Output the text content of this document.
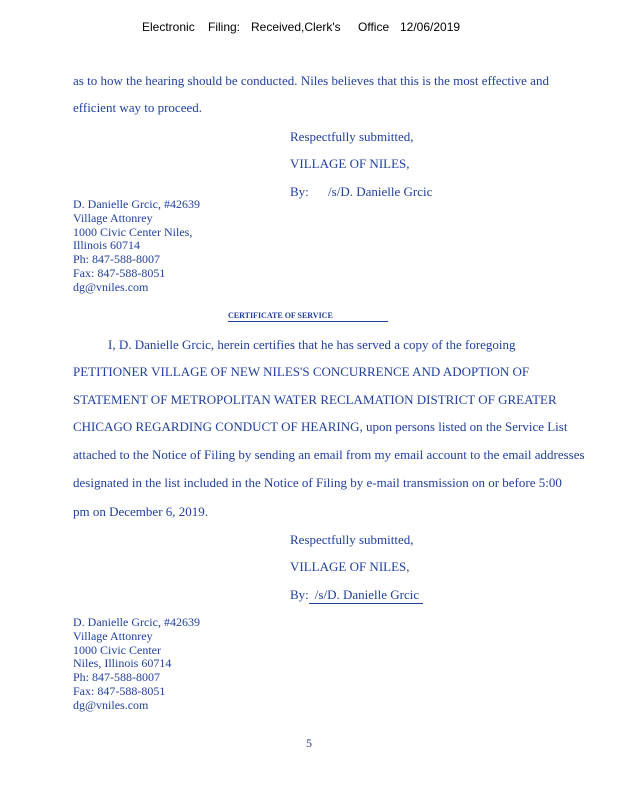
Electronic Filing: Received,Clerk's Office 12/06/2019
as to how the hearing should be conducted. Niles believes that this is the most effective and
efficient way to proceed.
Respectfully submitted,
VILLAGE OF NILES,
By: /s/D. Danielle Grcic
D. Danielle Grcic, #42639
Village Attonrey
1000 Civic Center Niles,
Illinois 60714
Ph: 847-588-8007
Fax: 847-588-8051
dg@vniles.com
CERTIFICATE OF SERVICE
I, D. Danielle Grcic, herein certifies that he has served a copy of the foregoing
PETITIONER VILLAGE OF NEW NILES'S CONCURRENCE AND ADOPTION OF
STATEMENT OF METROPOLITAN WATER RECLAMATION DISTRICT OF GREATER
CHICAGO REGARDING CONDUCT OF HEARING, upon persons listed on the Service List
attached to the Notice of Filing by sending an email from my email account to the email addresses
designated in the list included in the Notice of Filing by e-mail transmission on or before 5:00
pm on December 6, 2019.
Respectfully submitted,
VILLAGE OF NILES,
By: /s/D. Danielle Grcic
D. Danielle Grcic, #42639
Village Attonrey
1000 Civic Center
Niles, Illinois 60714
Ph: 847-588-8007
Fax: 847-588-8051
dg@vniles.com
5
